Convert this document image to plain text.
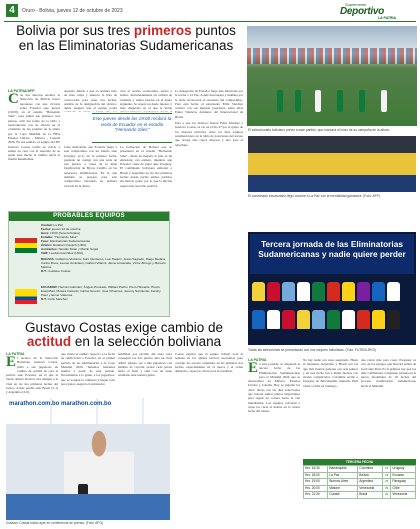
4	Oruro - Bolivia, jueves 12 de octubre de 2023
Suplemento
Deportivo
LA PATRIA
Bolivia por sus tres primeros puntos en las Eliminatorias Sudamericanas
LA PATRIA/AFP
C on dos derrotas encima, la Selección de Bolivia busca reponerse con una victoria sobre Ecuador este jueves (19:00), en el estadio "Hernando Siles", para sumar sus primeros tres puntos, salir del fondo de la tabla y reencontrarse con su afición en el comienzo de las pruebas en la altura por la Copa Mundial de la FIFA Estados Unidos - México - Canadá 2026. En ese sentido, el equipo del DT Gustavo Costas confía en volver a sumar en casa con el respaldo de su gente para iniciar el camino hacia la ilusión mundialista.
apenado debido a que su nombre hizo un mea culpa y anunció la lista de convocados para estas dos fechas, además de la designación del técnico, quien aseguró que el equipo podrá
Este jueves desde las 19:00 recibirá la visita de Ecuador en el estadio "Hernando Siles"
cual el cuadro ecuatoriano aspira a sumar, afortunadamente en calidad de visitante y sumar fuerzas en el duelo siguiente. Se espera un duelo intenso y muy disputado en el que la Verde
Cabe mencionar que Ecuador llegó a este compromiso con un triunfo ante Uruguay (2-1) en la primera fecha, pagando un castigo con una resta de tres puntos, a causa de la mala falsificación de Byron Castillo en las anteriores eliminatorias. En el que también se prepara para este compromiso buscando su primera victoria en la altura.
La formación de Bolivia que se presentará en el estadio "Hernando Siles", desde su llegada al país se ha entrenado con esmero, mientras que Ecuador viene de jugar ante Uruguay. El combinado boliviano enfrentó a Brasil y Argentina en las dos primeras fechas donde perdió ambos partidos sin marcar goles, por lo que la afición espera una reacción positiva.

La delegación de Ecuador llegó este miércoles por la noche a La Paz, donde descansará y mañana por la tarde reconocerá el escenario del compromiso. Para esta fecha, el entrenador Félix Sánchez contará con sus mejores jugadores, entre ellos Enner Valencia, delantero del Internacional de Brasil.

Para a que los técnicos fueran Félix Sánchez y Gustavo Costas, se vio en el día 27 por el grupo de los mejores ubicados entre los diez equipos sudamericanos en la tabla de posiciones del torneo que otorga seis cupos directos y uno para el repechaje.

PROBABLES EQUIPOS
Ciudad: La Paz
Fecha: jueves 12 de octubre
Hora: 19:00 (hora boliviana)
Estadio: "Hernando Siles"
Fase: Eliminatorias Sudamericanas
Árbitro: Esteban Ostojich (URU)
Asistentes: Nicolás Taran y Martín Soppi
VAR: Leodán González (URU)
BOLIVIA: Guillermo Viscarra; Jairo Quinteros, Luis Haquín, Jesús Sagredo, Diego Medina; Carlos Roca, Leonel Justiniano, Gabriel Villamíl, Jaime Arrascaita, Víctor Abrego y Marcelo Martins.
D.T.: Gustavo Costas
ECUADOR: Hernán Galíndez; Ángelo Preciado, William Pacho, Piero Hincapié, Pervis Estupiñán; Moisés Caicedo, Carlos Gruezo, José Cifuentes, Jeremy Sarmiento; Kendry Páez y Enner Valencia.
D.T.: Félix Sánchez
El seleccionado boliviano previo a este partido, que marcará el inicio de su campaña en la altura.
El combinado ecuatoriano llegó anoche a La Paz con la mentalidad ganadora. (Foto: AFP)
Tercera jornada de las Eliminatorias Sudamericanas y nadie quiere perder
Todas las selecciones se presentarán con sus mejores futbolistas. (Foto: FUTBOLRED)
LA PATRIA
E n esta jornada, se disputará la tercera fecha de las Eliminatorias Sudamericanas para el Mundial 2026 que se desarrollará en México, Estados Unidos y Canadá. Hoy se jugarán las cinco llaves con las diez selecciones que buscan sumar puntos importantes para seguir en carrera hacia la cita mundialista. Los equipos volverán a verse las caras el martes en la cuarta fecha del torneo.
No hay nadie con cupo asegurado. Hasta el momento Argentina y Brasil son las que más ilusión generan con seis puntos y en esta fecha van a medir fuerzas con rivales complicados. Colombia recibe a Uruguay en Barranquilla, mientras Perú visita a Chile en Santiago.
una razón más para creer. Paraguay es otro de los equipos que buscará sumar de local ante Perú. Es la primera vez que los diez combinados comparten jornada en la nueva modalidad de 18 fechas del proceso clasificatorio sudamericano hacia el Mundial.
TERCERA FECHA
Hrs. 16:30	Barranquilla	Colombia	vs	Uruguay
Hrs. 18:00	La Paz	Bolivia	vs	Ecuador
Hrs. 19:00	Buenos Aires	Argentina	vs	Paraguay
Hrs. 20:00	Maturín	Venezuela	vs	Chile
Hrs. 21:30	Cuiabá	Brasil	vs	Venezuela
Gustavo Costas exige cambio de actitud en la selección boliviana
LA PATRIA
E l técnico de la Selección Boliviana, Gustavo Costas, pidió a sus jugadores un cambio de actitud de cara al partido ante Ecuador, en el que la Verde deberá mostrar otra imagen a la vista en las dos primeras fechas del torneo, donde perdió ante Brasil (5-1) y Argentina (3-0).
que exista el cambio respecto a la fecha de calificación a Ecuador, en el primer partido de las eliminatorias a la Copa Mundial 2026. Tenemos bastantes sueños a partir de este partido. Necesitamos a la gente, a los jugadores, que se pongan la camiseta y hagan todo para ganar, aseguró el entrenador.
habilidad por encima del resto para conseguir los tres puntos ante un rival difícil. Quiero ver a mis jugadores con hambre de victoria, pelear cada pelota hasta el final y salir con un buen resultado ante nuestra gente.
Costas explicó que el equipo trabajó toda la semana en los ajustes tácticos necesarios para corregir los errores cometidos en las primeras dos fechas, especialmente en la marca y el orden defensivo, aspectos claves para el resultado.
marathon.com.bo marathon.com.bo
Gustavo Costas habló ayer en conferencia de prensa. (Foto: APG)
